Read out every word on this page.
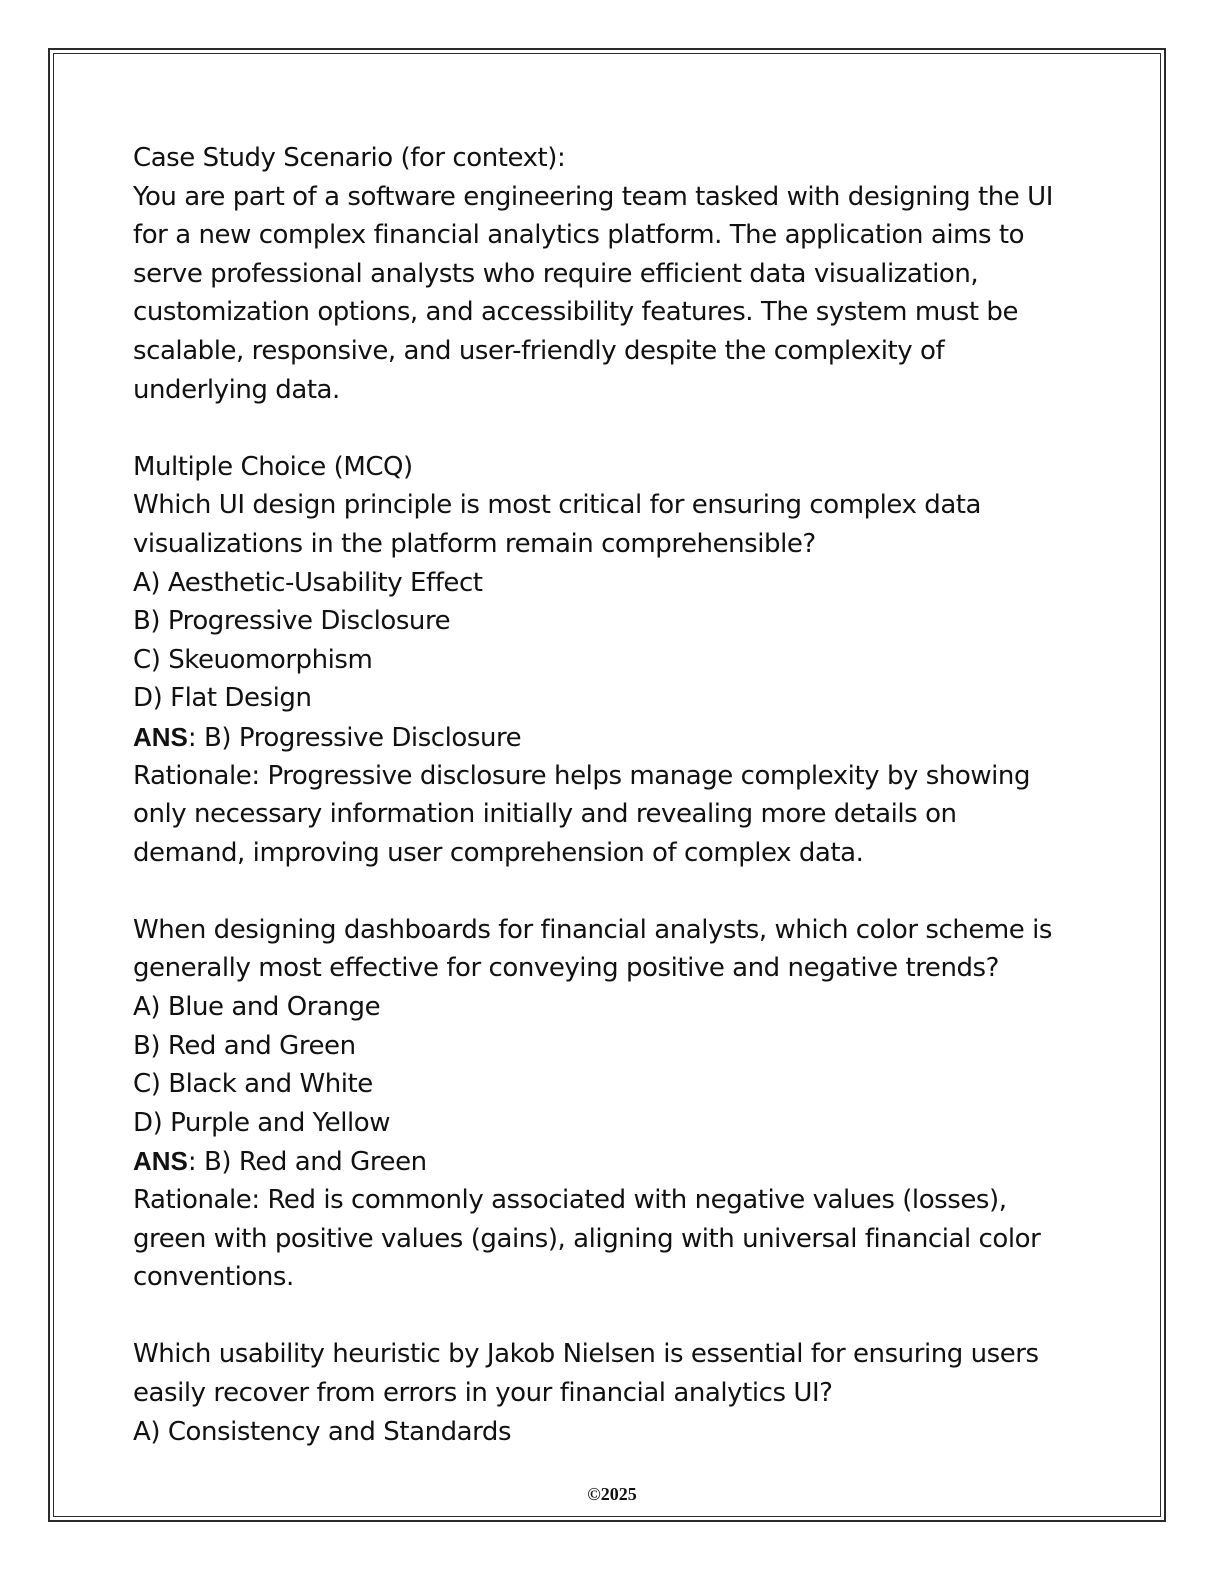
Case Study Scenario (for context):
You are part of a software engineering team tasked with designing the UI
for a new complex financial analytics platform. The application aims to
serve professional analysts who require efficient data visualization,
customization options, and accessibility features. The system must be
scalable, responsive, and user-friendly despite the complexity of
underlying data.
Multiple Choice (MCQ)
Which UI design principle is most critical for ensuring complex data
visualizations in the platform remain comprehensible?
A) Aesthetic-Usability Effect
B) Progressive Disclosure
C) Skeuomorphism
D) Flat Design
ANS: B) Progressive Disclosure
Rationale: Progressive disclosure helps manage complexity by showing
only necessary information initially and revealing more details on
demand, improving user comprehension of complex data.
When designing dashboards for financial analysts, which color scheme is
generally most effective for conveying positive and negative trends?
A) Blue and Orange
B) Red and Green
C) Black and White
D) Purple and Yellow
ANS: B) Red and Green
Rationale: Red is commonly associated with negative values (losses),
green with positive values (gains), aligning with universal financial color
conventions.
Which usability heuristic by Jakob Nielsen is essential for ensuring users
easily recover from errors in your financial analytics UI?
A) Consistency and Standards
©2025
